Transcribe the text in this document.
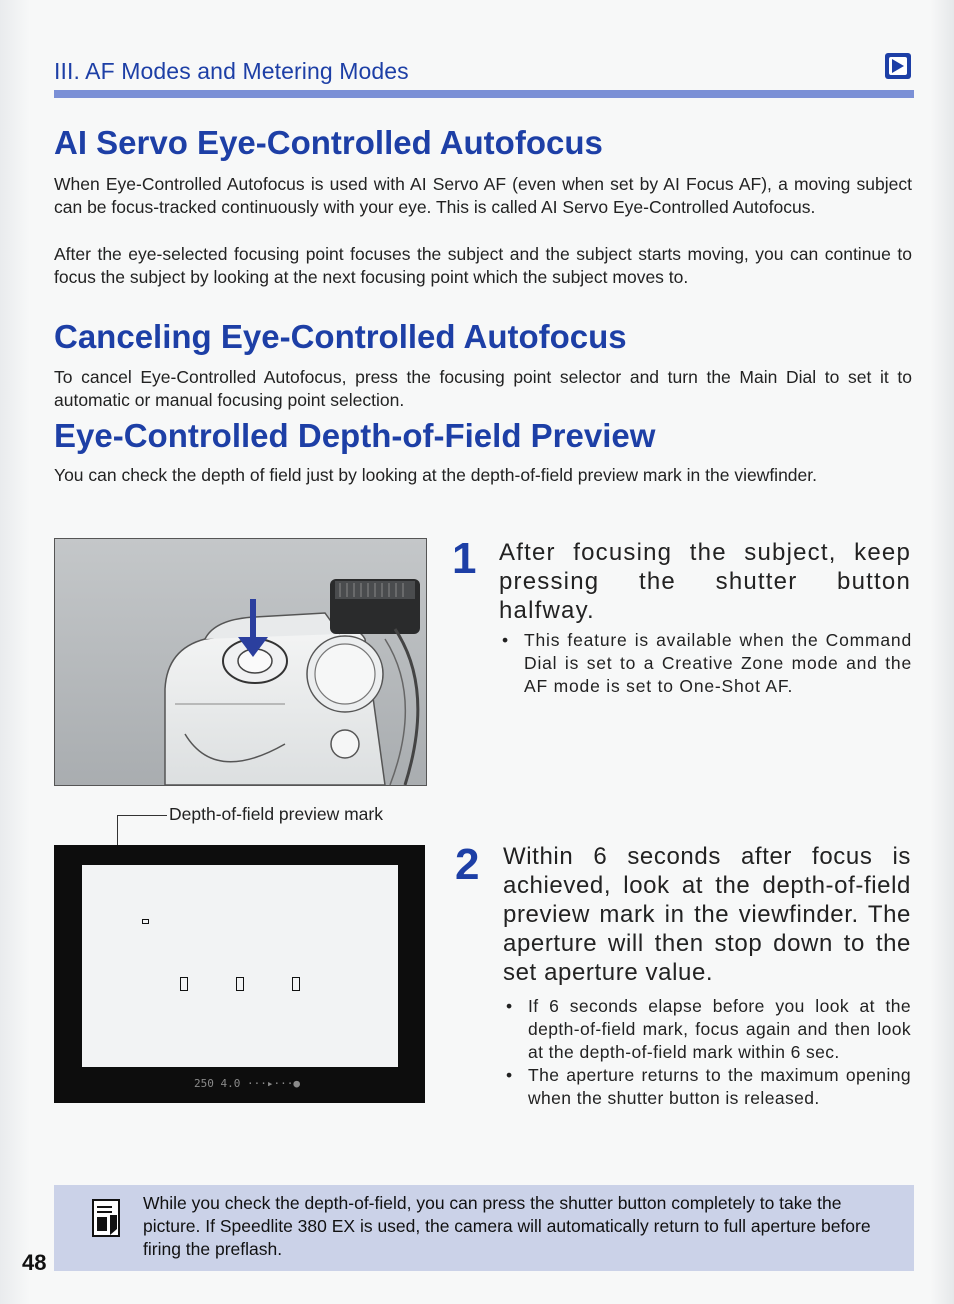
III. AF Modes and Metering Modes
AI Servo Eye-Controlled Autofocus

When Eye-Controlled Autofocus is used with AI Servo AF (even when set by AI Focus AF), a moving subject can be focus-tracked continuously with your eye. This is called AI Servo Eye-Controlled Autofocus.

After the eye-selected focusing point focuses the subject and the subject starts moving, you can continue to focus the subject by looking at the next focusing point which the subject moves to.

Canceling Eye-Controlled Autofocus

To cancel Eye-Controlled Autofocus, press the focusing point selector and turn the Main Dial to set it to automatic or manual focusing point selection.

Eye-Controlled Depth-of-Field Preview

You can check the depth of field just by looking at the depth-of-field preview mark in the viewfinder.

Depth-of-field preview mark
250 4.0 ···▸···●
1 After focusing the subject, keep pressing the shutter button halfway.

• This feature is available when the Command Dial is set to a Creative Zone mode and the AF mode is set to One-Shot AF.
2 Within 6 seconds after focus is achieved, look at the depth-of-field preview mark in the viewfinder. The aperture will then stop down to the set aperture value.

• If 6 seconds elapse before you look at the depth-of-field mark, focus again and then look at the depth-of-field mark within 6 sec.
• The aperture returns to the maximum opening when the shutter button is released.

While you check the depth-of-field, you can press the shutter button completely to take the picture. If Speedlite 380 EX is used, the camera will automatically return to full aperture before firing the preflash.

48
